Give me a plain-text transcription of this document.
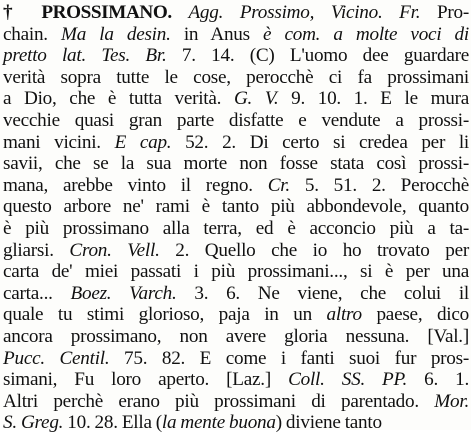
† PROSSIMANO. Agg. Prossimo, Vicino. Fr. Pro-
chain. Ma la desin. in Anus è com. a molte voci di
pretto lat. Tes. Br. 7. 14. (C) L'uomo dee guardare
verità sopra tutte le cose, perocchè ci fa prossimani
a Dio, che è tutta verità. G. V. 9. 10. 1. E le mura
vecchie quasi gran parte disfatte e vendute a prossi-
mani vicini. E cap. 52. 2. Di certo si credea per li
savii, che se la sua morte non fosse stata così prossi-
mana, arebbe vinto il regno. Cr. 5. 51. 2. Perocchè
questo arbore ne' rami è tanto più abbondevole, quanto
è più prossimano alla terra, ed è acconcio più a ta-
gliarsi. Cron. Vell. 2. Quello che io ho trovato per
carta de' miei passati i più prossimani..., si è per una
carta... Boez. Varch. 3. 6. Ne viene, che colui il
quale tu stimi glorioso, paja in un altro paese, dico
ancora prossimano, non avere gloria nessuna. [Val.]
Pucc. Centil. 75. 82. E come i fanti suoi fur pros-
simani, Fu loro aperto. [Laz.] Coll. SS. PP. 6. 1.
Altri perchè erano più prossimani di parentado. Mor.
S. Greg. 10. 28. Ella (la mente buona) diviene tanto
